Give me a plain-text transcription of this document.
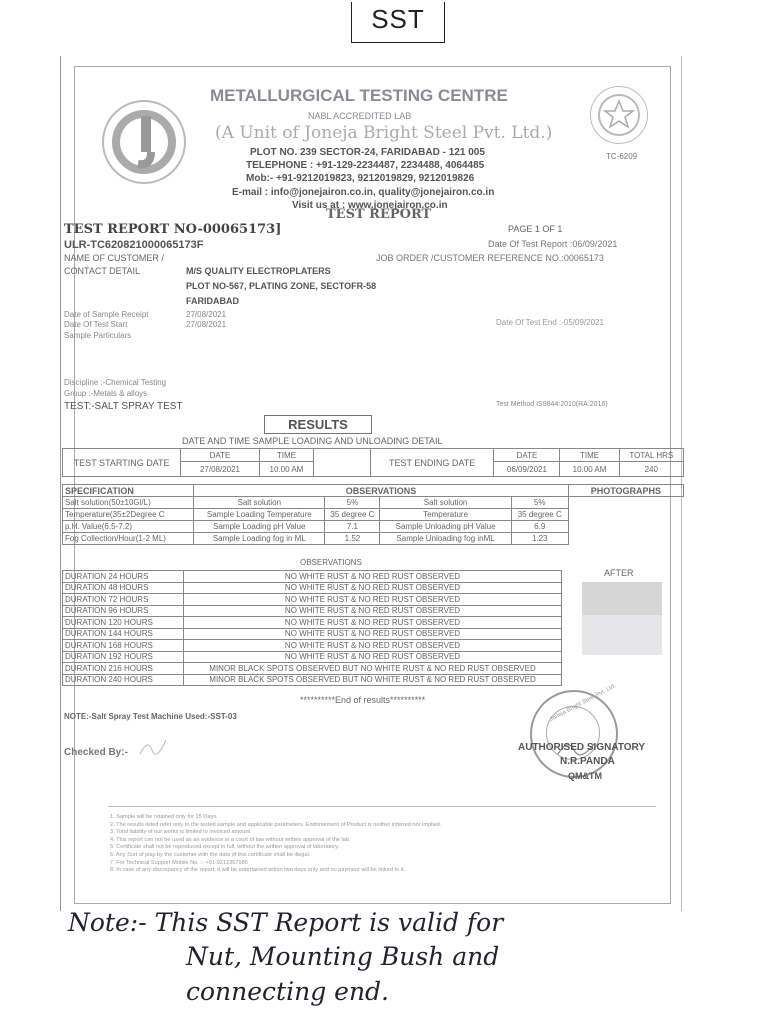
SST
TC-6209
METALLURGICAL TESTING CENTRE
NABL ACCREDITED LAB
(A Unit of Joneja Bright Steel Pvt. Ltd.)
PLOT NO. 239 SECTOR-24, FARIDABAD - 121 005
TELEPHONE : +91-129-2234487, 2234488, 4064485
Mob:- +91-9212019823, 9212019829, 9212019826
E-mail : info@jonejairon.co.in, quality@jonejairon.co.in
Visit us at : www.jonejairon.co.in
TEST REPORT
TEST REPORT NO-00065173]
ULR-TC620821000065173F
PAGE 1 OF 1
Date Of Test Report :06/09/2021
NAME OF CUSTOMER /	JOB ORDER /CUSTOMER REFERENCE NO.:00065173
CONTACT DETAIL	M/S QUALITY ELECTROPLATERS
PLOT NO-567, PLATING ZONE, SECTOFR-58
FARIDABAD
Date of Sample Receipt	27/08/2021
Date Of Test Start	27/08/2021
Sample Particulars
Date Of Test End :-05/09/2021
Discipline :-Chemical Testing
Group :-Metals & alloys
TEST:-SALT SPRAY TEST	Test Method IS9844:2010(RA:2016)
RESULTS
DATE AND TIME SAMPLE LOADING AND UNLOADING DETAIL
TEST STARTING DATE	DATE	TIME		TEST ENDING DATE	DATE	TIME	TOTAL HRS
	27/08/2021	10.00 AM			06/09/2021	10.00 AM	240
SPECIFICATION	OBSERVATIONS				PHOTOGRAPHS
Salt solution(50±10Gl/L)	Salt solution	5%	Salt solution	5%	
Temperature(35±2Degree C	Sample Loading Temperature	35 degree C	Temperature	35 degree C	
p.H. Value(6.5-7.2)	Sample Loading pH Value	7.1	Sample Unloading pH Value	6.9	
Fog Collection/Hour(1-2 ML)	Sample Loading fog in ML	1.52	Sample Unloading fog inML	1.23	
OBSERVATIONS
AFTER
DURATION 24 HOURS	NO WHITE RUST & NO RED RUST OBSERVED
DURATION 48 HOURS	NO WHITE RUST & NO RED RUST OBSERVED
DURATION 72 HOURS	NO WHITE RUST & NO RED RUST OBSERVED
DURATION 96 HOURS	NO WHITE RUST & NO RED RUST OBSERVED
DURATION 120 HOURS	NO WHITE RUST & NO RED RUST OBSERVED
DURATION 144 HOURS	NO WHITE RUST & NO RED RUST OBSERVED
DURATION 168 HOURS	NO WHITE RUST & NO RED RUST OBSERVED
DURATION 192 HOURS	NO WHITE RUST & NO RED RUST OBSERVED
DURATION 216 HOURS	MINOR BLACK SPOTS OBSERVED BUT NO WHITE RUST & NO RED RUST OBSERVED
DURATION 240 HOURS	MINOR BLACK SPOTS OBSERVED BUT NO WHITE RUST & NO RED RUST OBSERVED
**********End of results**********
NOTE:-Salt Spray Test Machine Used:-SST-03
Checked By:-
Joneja Bright Steel Pvt. Ltd.
AUTHORISED SIGNATORY
N.R.PANDA
QM&TM
1. Sample will be retained only for 15 Days.
2. The results listed refer only to the tested sample and applicable parameters. Endorsement of Product is neither inferred nor implied.
3. Total liability of our works is limited to invoiced amount.
4. This report can not be used as an evidence in a court of law without written approval of the lab.
5. Certificate shall not be reproduced except in full, without the written approval of laboratory.
6. Any Sort of play by the customer with the data of this certificate shall be illegal.
7. For Technical Support Mobile No. :- +91-9212357985
8. In case of any discrepancy of the report, it will be entertained within two days only and no payment will be linked to it.
Note:- This SST Report is valid for
Nut, Mounting Bush and
connecting end.
